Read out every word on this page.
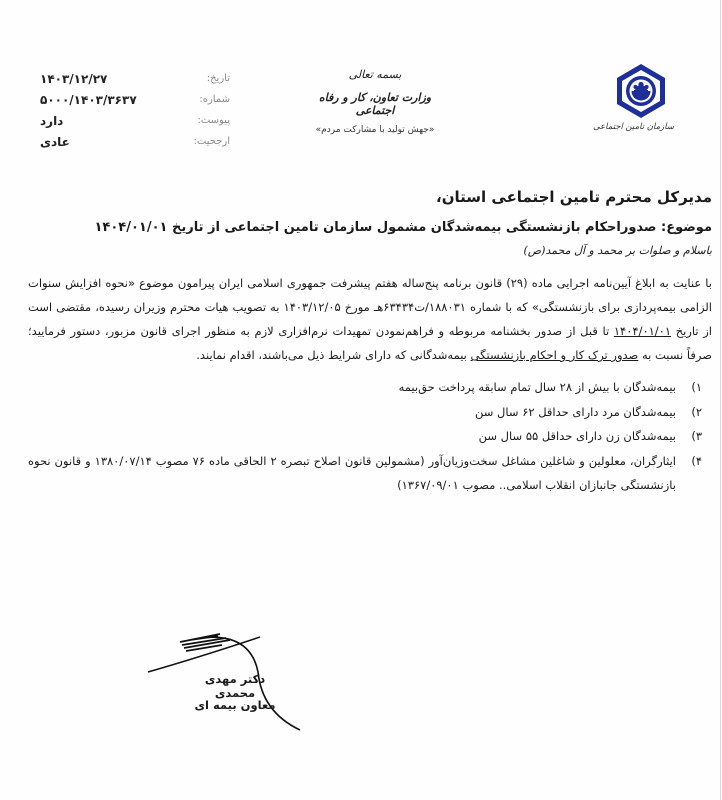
تاریخ:
۱۴۰۳/۱۲/۲۷
شماره:
۵۰۰۰/۱۴۰۳/۳۶۳۷
پیوست:
دارد
ارجحیت:
عادی
بسمه تعالی
وزارت تعاون، کار و رفاه اجتماعی
«جهش تولید با مشارکت مردم»	سازمان تامین اجتماعی
مدیرکل محترم تامین اجتماعی استان،
موضوع: صدوراحکام بازنشستگی بیمه‌شدگان مشمول سازمان تامین اجتماعی از تاریخ ۱۴۰۴/۰۱/۰۱
باسلام و صلوات بر محمد و آل محمد(ص)

با عنایت به ابلاغ آیین‌نامه اجرایی ماده (۲۹) قانون برنامه پنج‌ساله هفتم پیشرفت جمهوری اسلامی ایران پیرامون موضوع «نحوه افزایش سنوات الزامی بیمه‌پردازی برای بازنشستگی» که با شماره ۱۸۸۰۳۱/ت۶۳۴۳۴هـ مورخ ۱۴۰۳/۱۲/۰۵ به تصویب هیات محترم وزیران رسیده، مقتضی است از تاریخ ۱۴۰۴/۰۱/۰۱ تا قبل از صدور بخشنامه مربوطه و فراهم‌نمودن تمهیدات نرم‌افزاری لازم به منظور اجرای قانون مزبور، دستور فرمایید؛ صرفاً نسبت به صدور ترک کار و احکام بازنشستگی بیمه‌شدگانی که دارای شرایط ذیل می‌باشند، اقدام نمایند.

۱)
بیمه‌شدگان با بیش از ۲۸ سال تمام سابقه پرداخت حق‌بیمه
۲)
بیمه‌شدگان مرد دارای حداقل ۶۲ سال سن
۳)
بیمه‌شدگان زن دارای حداقل ۵۵ سال سن
۴)
ایثارگران، معلولین و شاغلین مشاغل سخت‌وزیان‌آور (مشمولین قانون اصلاح تبصره ۲ الحاقی ماده ۷۶ مصوب ۱۳۸۰/۰۷/۱۴ و قانون نحوه بازنشستگی جانبازان انقلاب اسلامی.. مصوب ۱۳۶۷/۰۹/۰۱)
دکتر مهدی محمدی
معاون بیمه ای
